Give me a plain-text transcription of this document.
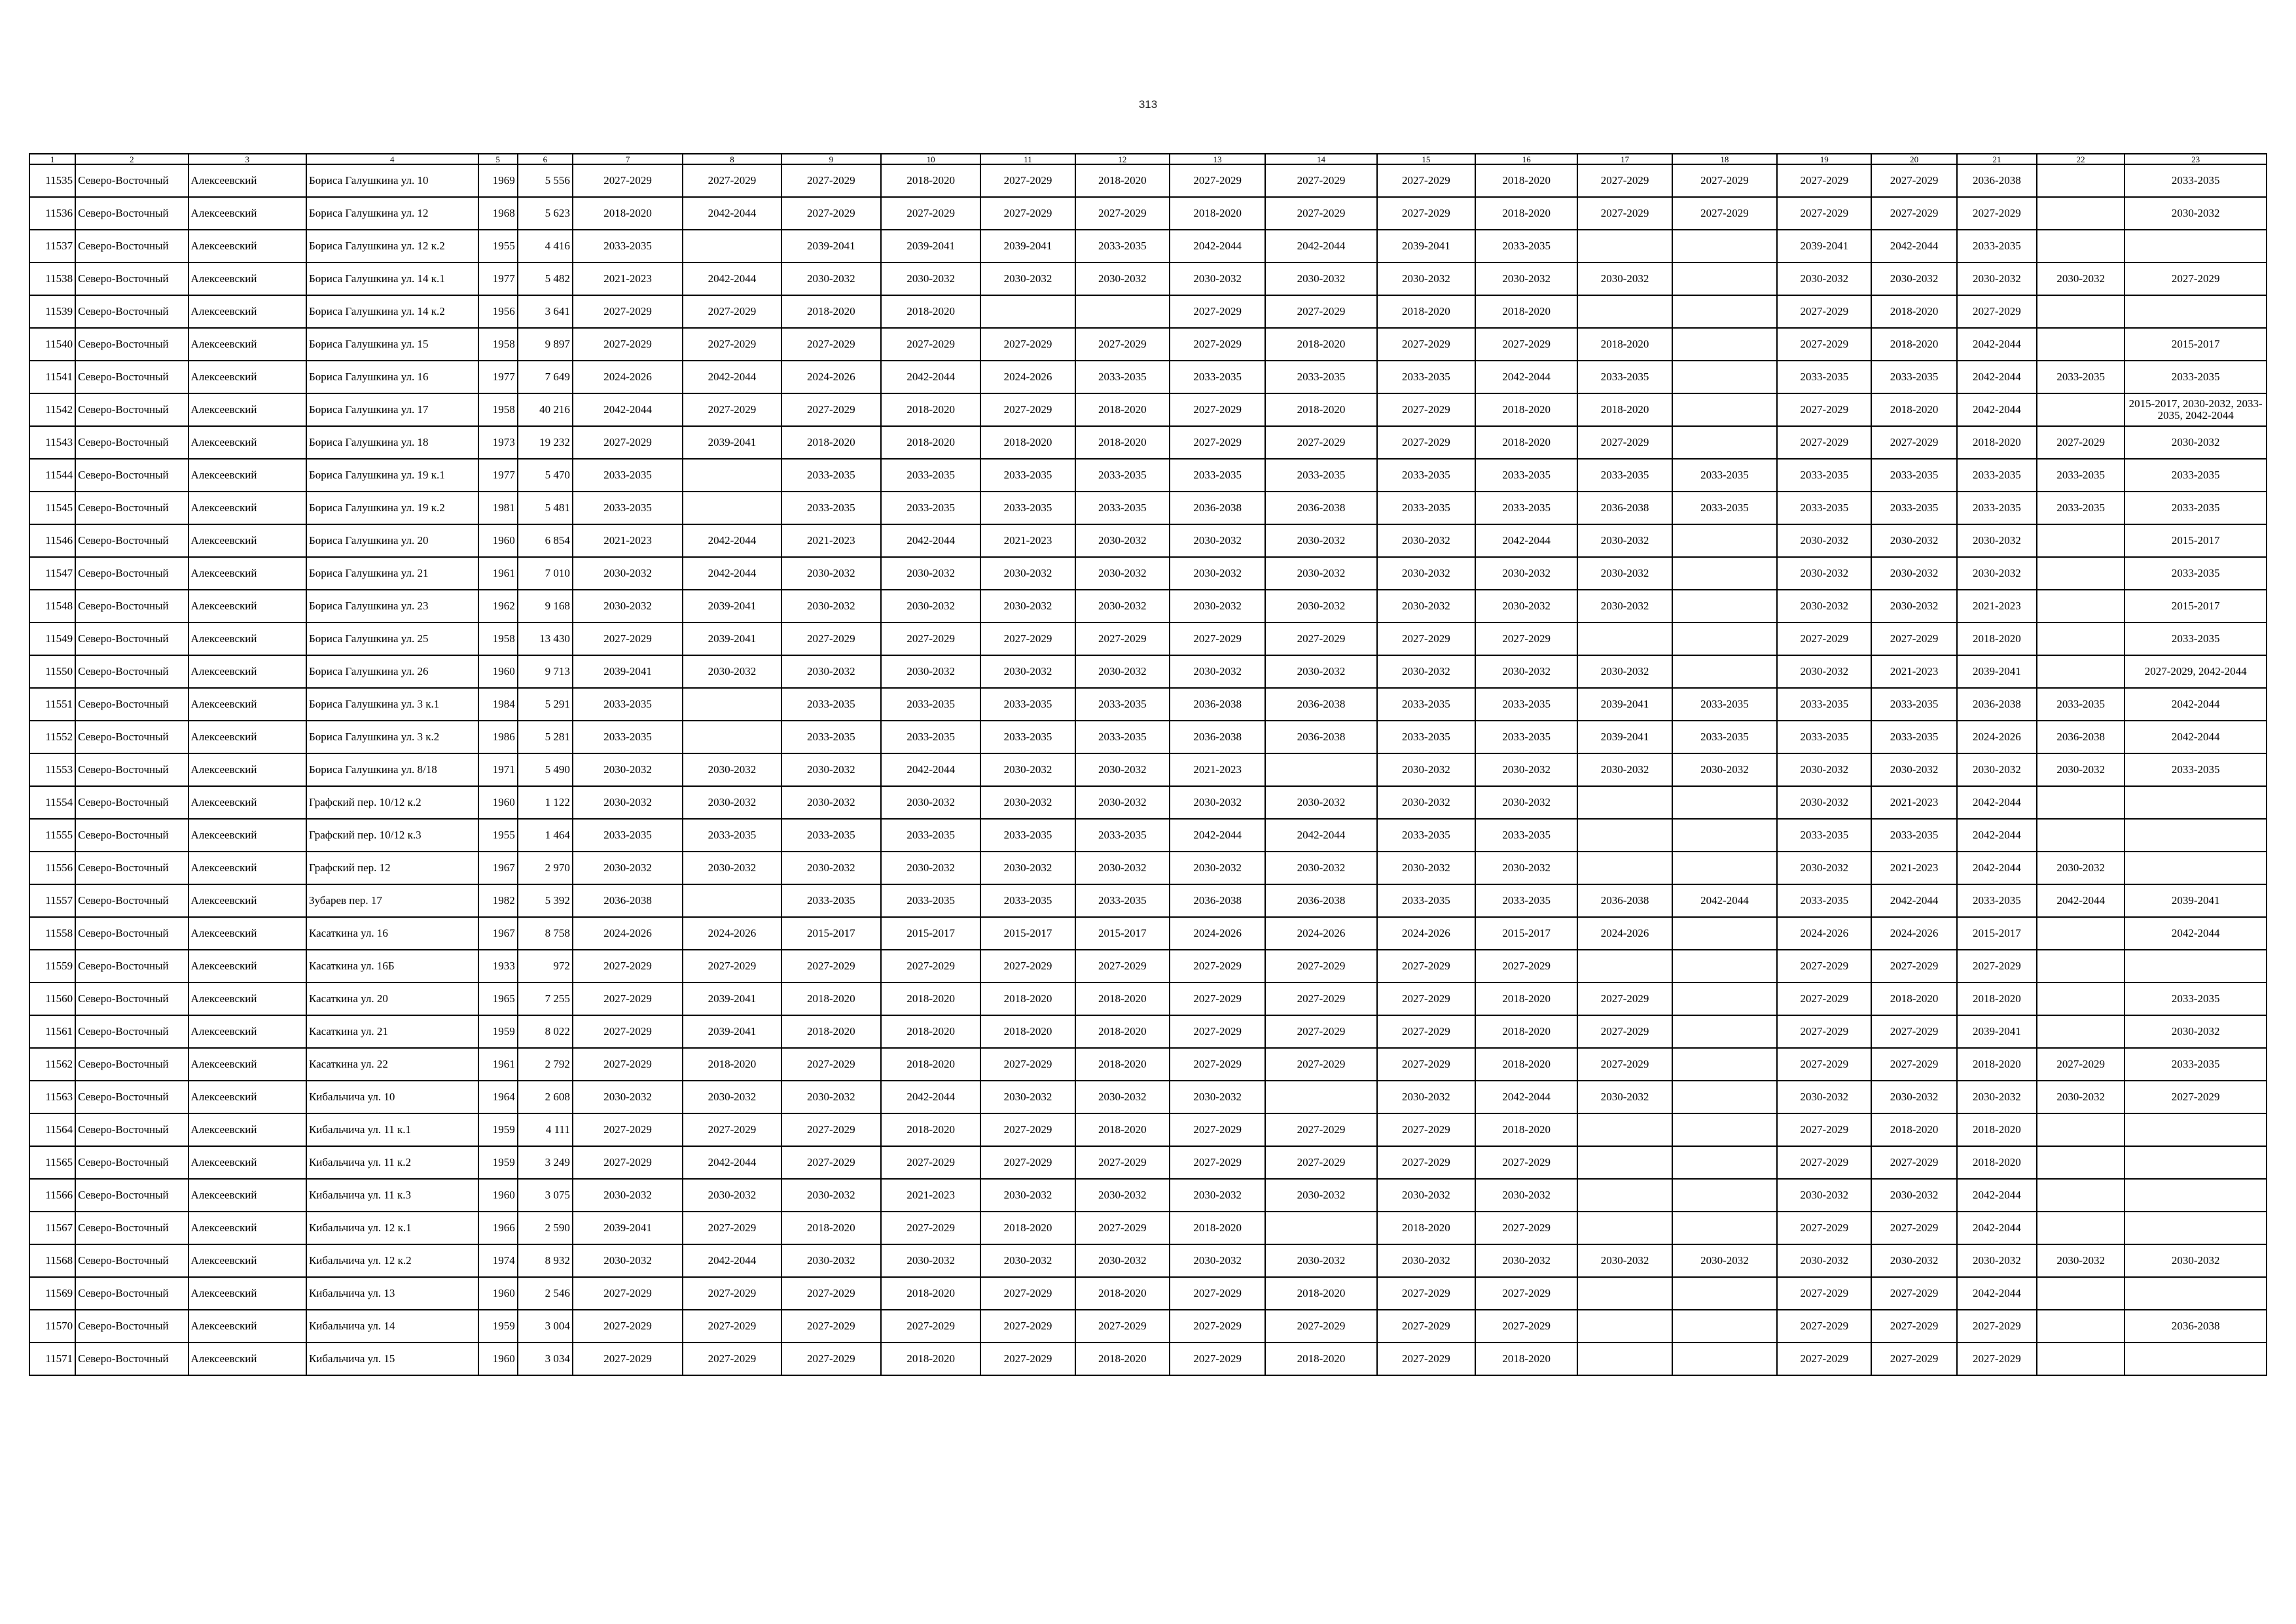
313
1	2	3	4	5	6	7	8	9	10	11	12	13	14	15	16	17	18	19	20	21	22	23
11535	Северо-Восточный	Алексеевский	Бориса Галушкина ул. 10	1969	5 556	2027-2029	2027-2029	2027-2029	2018-2020	2027-2029	2018-2020	2027-2029	2027-2029	2027-2029	2018-2020	2027-2029	2027-2029	2027-2029	2027-2029	2036-2038		2033-2035
11536	Северо-Восточный	Алексеевский	Бориса Галушкина ул. 12	1968	5 623	2018-2020	2042-2044	2027-2029	2027-2029	2027-2029	2027-2029	2018-2020	2027-2029	2027-2029	2018-2020	2027-2029	2027-2029	2027-2029	2027-2029	2027-2029		2030-2032
11537	Северо-Восточный	Алексеевский	Бориса Галушкина ул. 12 к.2	1955	4 416	2033-2035		2039-2041	2039-2041	2039-2041	2033-2035	2042-2044	2042-2044	2039-2041	2033-2035			2039-2041	2042-2044	2033-2035		
11538	Северо-Восточный	Алексеевский	Бориса Галушкина ул. 14 к.1	1977	5 482	2021-2023	2042-2044	2030-2032	2030-2032	2030-2032	2030-2032	2030-2032	2030-2032	2030-2032	2030-2032	2030-2032		2030-2032	2030-2032	2030-2032	2030-2032	2027-2029
11539	Северо-Восточный	Алексеевский	Бориса Галушкина ул. 14 к.2	1956	3 641	2027-2029	2027-2029	2018-2020	2018-2020			2027-2029	2027-2029	2018-2020	2018-2020			2027-2029	2018-2020	2027-2029		
11540	Северо-Восточный	Алексеевский	Бориса Галушкина ул. 15	1958	9 897	2027-2029	2027-2029	2027-2029	2027-2029	2027-2029	2027-2029	2027-2029	2018-2020	2027-2029	2027-2029	2018-2020		2027-2029	2018-2020	2042-2044		2015-2017
11541	Северо-Восточный	Алексеевский	Бориса Галушкина ул. 16	1977	7 649	2024-2026	2042-2044	2024-2026	2042-2044	2024-2026	2033-2035	2033-2035	2033-2035	2033-2035	2042-2044	2033-2035		2033-2035	2033-2035	2042-2044	2033-2035	2033-2035
11542	Северо-Восточный	Алексеевский	Бориса Галушкина ул. 17	1958	40 216	2042-2044	2027-2029	2027-2029	2018-2020	2027-2029	2018-2020	2027-2029	2018-2020	2027-2029	2018-2020	2018-2020		2027-2029	2018-2020	2042-2044		2015-2017, 2030-2032, 2033-2035, 2042-2044
11543	Северо-Восточный	Алексеевский	Бориса Галушкина ул. 18	1973	19 232	2027-2029	2039-2041	2018-2020	2018-2020	2018-2020	2018-2020	2027-2029	2027-2029	2027-2029	2018-2020	2027-2029		2027-2029	2027-2029	2018-2020	2027-2029	2030-2032
11544	Северо-Восточный	Алексеевский	Бориса Галушкина ул. 19 к.1	1977	5 470	2033-2035		2033-2035	2033-2035	2033-2035	2033-2035	2033-2035	2033-2035	2033-2035	2033-2035	2033-2035	2033-2035	2033-2035	2033-2035	2033-2035	2033-2035	2033-2035
11545	Северо-Восточный	Алексеевский	Бориса Галушкина ул. 19 к.2	1981	5 481	2033-2035		2033-2035	2033-2035	2033-2035	2033-2035	2036-2038	2036-2038	2033-2035	2033-2035	2036-2038	2033-2035	2033-2035	2033-2035	2033-2035	2033-2035	2033-2035
11546	Северо-Восточный	Алексеевский	Бориса Галушкина ул. 20	1960	6 854	2021-2023	2042-2044	2021-2023	2042-2044	2021-2023	2030-2032	2030-2032	2030-2032	2030-2032	2042-2044	2030-2032		2030-2032	2030-2032	2030-2032		2015-2017
11547	Северо-Восточный	Алексеевский	Бориса Галушкина ул. 21	1961	7 010	2030-2032	2042-2044	2030-2032	2030-2032	2030-2032	2030-2032	2030-2032	2030-2032	2030-2032	2030-2032	2030-2032		2030-2032	2030-2032	2030-2032		2033-2035
11548	Северо-Восточный	Алексеевский	Бориса Галушкина ул. 23	1962	9 168	2030-2032	2039-2041	2030-2032	2030-2032	2030-2032	2030-2032	2030-2032	2030-2032	2030-2032	2030-2032	2030-2032		2030-2032	2030-2032	2021-2023		2015-2017
11549	Северо-Восточный	Алексеевский	Бориса Галушкина ул. 25	1958	13 430	2027-2029	2039-2041	2027-2029	2027-2029	2027-2029	2027-2029	2027-2029	2027-2029	2027-2029	2027-2029			2027-2029	2027-2029	2018-2020		2033-2035
11550	Северо-Восточный	Алексеевский	Бориса Галушкина ул. 26	1960	9 713	2039-2041	2030-2032	2030-2032	2030-2032	2030-2032	2030-2032	2030-2032	2030-2032	2030-2032	2030-2032	2030-2032		2030-2032	2021-2023	2039-2041		2027-2029, 2042-2044
11551	Северо-Восточный	Алексеевский	Бориса Галушкина ул. 3 к.1	1984	5 291	2033-2035		2033-2035	2033-2035	2033-2035	2033-2035	2036-2038	2036-2038	2033-2035	2033-2035	2039-2041	2033-2035	2033-2035	2033-2035	2036-2038	2033-2035	2042-2044
11552	Северо-Восточный	Алексеевский	Бориса Галушкина ул. 3 к.2	1986	5 281	2033-2035		2033-2035	2033-2035	2033-2035	2033-2035	2036-2038	2036-2038	2033-2035	2033-2035	2039-2041	2033-2035	2033-2035	2033-2035	2024-2026	2036-2038	2042-2044
11553	Северо-Восточный	Алексеевский	Бориса Галушкина ул. 8/18	1971	5 490	2030-2032	2030-2032	2030-2032	2042-2044	2030-2032	2030-2032	2021-2023		2030-2032	2030-2032	2030-2032	2030-2032	2030-2032	2030-2032	2030-2032	2030-2032	2033-2035
11554	Северо-Восточный	Алексеевский	Графский пер. 10/12 к.2	1960	1 122	2030-2032	2030-2032	2030-2032	2030-2032	2030-2032	2030-2032	2030-2032	2030-2032	2030-2032	2030-2032			2030-2032	2021-2023	2042-2044		
11555	Северо-Восточный	Алексеевский	Графский пер. 10/12 к.3	1955	1 464	2033-2035	2033-2035	2033-2035	2033-2035	2033-2035	2033-2035	2042-2044	2042-2044	2033-2035	2033-2035			2033-2035	2033-2035	2042-2044		
11556	Северо-Восточный	Алексеевский	Графский пер. 12	1967	2 970	2030-2032	2030-2032	2030-2032	2030-2032	2030-2032	2030-2032	2030-2032	2030-2032	2030-2032	2030-2032			2030-2032	2021-2023	2042-2044	2030-2032	
11557	Северо-Восточный	Алексеевский	Зубарев пер. 17	1982	5 392	2036-2038		2033-2035	2033-2035	2033-2035	2033-2035	2036-2038	2036-2038	2033-2035	2033-2035	2036-2038	2042-2044	2033-2035	2042-2044	2033-2035	2042-2044	2039-2041
11558	Северо-Восточный	Алексеевский	Касаткина ул. 16	1967	8 758	2024-2026	2024-2026	2015-2017	2015-2017	2015-2017	2015-2017	2024-2026	2024-2026	2024-2026	2015-2017	2024-2026		2024-2026	2024-2026	2015-2017		2042-2044
11559	Северо-Восточный	Алексеевский	Касаткина ул. 16Б	1933	972	2027-2029	2027-2029	2027-2029	2027-2029	2027-2029	2027-2029	2027-2029	2027-2029	2027-2029	2027-2029			2027-2029	2027-2029	2027-2029		
11560	Северо-Восточный	Алексеевский	Касаткина ул. 20	1965	7 255	2027-2029	2039-2041	2018-2020	2018-2020	2018-2020	2018-2020	2027-2029	2027-2029	2027-2029	2018-2020	2027-2029		2027-2029	2018-2020	2018-2020		2033-2035
11561	Северо-Восточный	Алексеевский	Касаткина ул. 21	1959	8 022	2027-2029	2039-2041	2018-2020	2018-2020	2018-2020	2018-2020	2027-2029	2027-2029	2027-2029	2018-2020	2027-2029		2027-2029	2027-2029	2039-2041		2030-2032
11562	Северо-Восточный	Алексеевский	Касаткина ул. 22	1961	2 792	2027-2029	2018-2020	2027-2029	2018-2020	2027-2029	2018-2020	2027-2029	2027-2029	2027-2029	2018-2020	2027-2029		2027-2029	2027-2029	2018-2020	2027-2029	2033-2035
11563	Северо-Восточный	Алексеевский	Кибальчича ул. 10	1964	2 608	2030-2032	2030-2032	2030-2032	2042-2044	2030-2032	2030-2032	2030-2032		2030-2032	2042-2044	2030-2032		2030-2032	2030-2032	2030-2032	2030-2032	2027-2029
11564	Северо-Восточный	Алексеевский	Кибальчича ул. 11 к.1	1959	4 111	2027-2029	2027-2029	2027-2029	2018-2020	2027-2029	2018-2020	2027-2029	2027-2029	2027-2029	2018-2020			2027-2029	2018-2020	2018-2020		
11565	Северо-Восточный	Алексеевский	Кибальчича ул. 11 к.2	1959	3 249	2027-2029	2042-2044	2027-2029	2027-2029	2027-2029	2027-2029	2027-2029	2027-2029	2027-2029	2027-2029			2027-2029	2027-2029	2018-2020		
11566	Северо-Восточный	Алексеевский	Кибальчича ул. 11 к.3	1960	3 075	2030-2032	2030-2032	2030-2032	2021-2023	2030-2032	2030-2032	2030-2032	2030-2032	2030-2032	2030-2032			2030-2032	2030-2032	2042-2044		
11567	Северо-Восточный	Алексеевский	Кибальчича ул. 12 к.1	1966	2 590	2039-2041	2027-2029	2018-2020	2027-2029	2018-2020	2027-2029	2018-2020		2018-2020	2027-2029			2027-2029	2027-2029	2042-2044		
11568	Северо-Восточный	Алексеевский	Кибальчича ул. 12 к.2	1974	8 932	2030-2032	2042-2044	2030-2032	2030-2032	2030-2032	2030-2032	2030-2032	2030-2032	2030-2032	2030-2032	2030-2032	2030-2032	2030-2032	2030-2032	2030-2032	2030-2032	2030-2032
11569	Северо-Восточный	Алексеевский	Кибальчича ул. 13	1960	2 546	2027-2029	2027-2029	2027-2029	2018-2020	2027-2029	2018-2020	2027-2029	2018-2020	2027-2029	2027-2029			2027-2029	2027-2029	2042-2044		
11570	Северо-Восточный	Алексеевский	Кибальчича ул. 14	1959	3 004	2027-2029	2027-2029	2027-2029	2027-2029	2027-2029	2027-2029	2027-2029	2027-2029	2027-2029	2027-2029			2027-2029	2027-2029	2027-2029		2036-2038
11571	Северо-Восточный	Алексеевский	Кибальчича ул. 15	1960	3 034	2027-2029	2027-2029	2027-2029	2018-2020	2027-2029	2018-2020	2027-2029	2018-2020	2027-2029	2018-2020			2027-2029	2027-2029	2027-2029		
